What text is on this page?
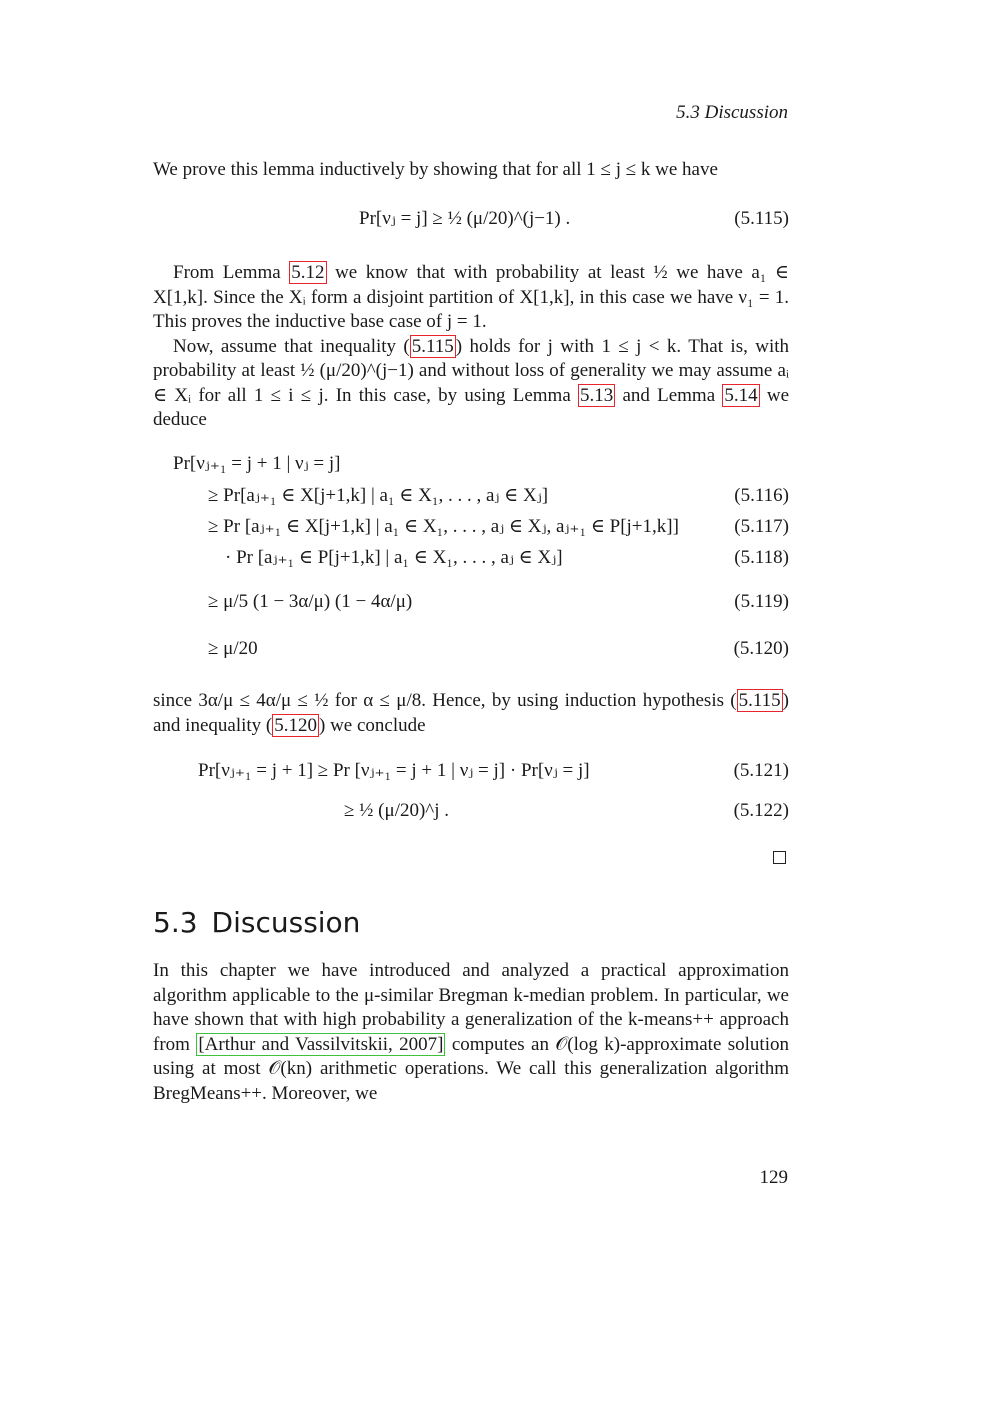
5.3 Discussion

We prove this lemma inductively by showing that for all 1 ≤ j ≤ k we have

Pr[νⱼ = j] ≥ ½ (μ/20)^(j−1) .	(5.115)

From Lemma 5.12 we know that with probability at least ½ we have a₁ ∈ X[1,k]. Since the Xᵢ form a disjoint partition of X[1,k], in this case we have ν₁ = 1. This proves the inductive base case of j = 1.

Now, assume that inequality ( 5.115 ) holds for j with 1 ≤ j < k. That is, with probability at least ½ (μ/20)^(j−1) and without loss of generality we may assume aᵢ ∈ Xᵢ for all 1 ≤ i ≤ j. In this case, by using Lemma 5.13 and Lemma 5.14 we deduce

Pr[νⱼ₊₁ = j + 1 | νⱼ = j]
≥ Pr[aⱼ₊₁ ∈ X[j+1,k] | a₁ ∈ X₁, . . . , aⱼ ∈ Xⱼ]	(5.116)
≥ Pr [aⱼ₊₁ ∈ X[j+1,k] | a₁ ∈ X₁, . . . , aⱼ ∈ Xⱼ, aⱼ₊₁ ∈ P[j+1,k]]	(5.117)
· Pr [aⱼ₊₁ ∈ P[j+1,k] | a₁ ∈ X₁, . . . , aⱼ ∈ Xⱼ]	(5.118)
≥ μ/5 (1 − 3α/μ) (1 − 4α/μ)	(5.119)
≥ μ/20	(5.120)

since 3α/μ ≤ 4α/μ ≤ ½ for α ≤ μ/8. Hence, by using induction hypothesis ( 5.115 ) and inequality ( 5.120 ) we conclude

Pr[νⱼ₊₁ = j + 1] ≥ Pr [νⱼ₊₁ = j + 1 | νⱼ = j] · Pr[νⱼ = j]	(5.121)
≥ ½ (μ/20)^j .	(5.122)
5.3 Discussion

In this chapter we have introduced and analyzed a practical approximation algorithm applicable to the μ-similar Bregman k-median problem. In particular, we have shown that with high probability a generalization of the k-means++ approach from [Arthur and Vassilvitskii, 2007] computes an 𝒪(log k)-approximate solution using at most 𝒪(kn) arithmetic operations. We call this generalization algorithm BregMeans++. Moreover, we

129
